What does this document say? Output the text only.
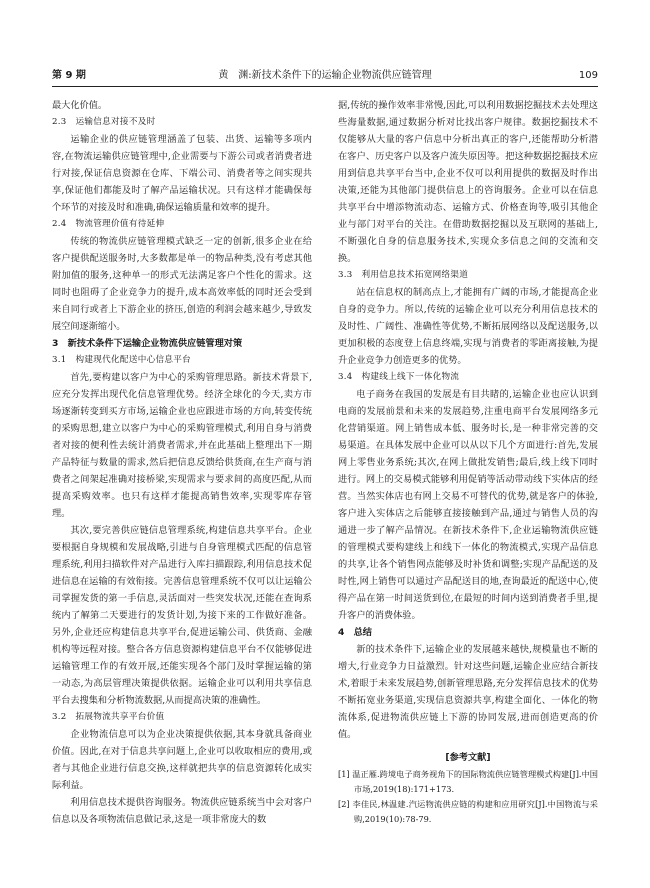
第 9 期	黄　渊:新技术条件下的运输企业物流供应链管理	109

最大化价值。

2.3　运输信息对接不及时

运输企业的供应链管理涵盖了包装、出货、运输等多项内容,在物流运输供应链管理中,企业需要与下游公司或者消费者进行对接,保证信息资源在仓库、下端公司、消费者等之间实现共享,保证他们都能及时了解产品运输状况。只有这样才能确保每个环节的对接及时和准确,确保运输质量和效率的提升。

2.4　物流管理价值有待延伸

传统的物流供应链管理模式缺乏一定的创新,很多企业在给客户提供配送服务时,大多数都是单一的物品种类,没有考虑其他附加值的服务,这种单一的形式无法满足客户个性化的需求。这同时也阻碍了企业竞争力的提升,成本高效率低的同时还会受到来自同行或者上下游企业的挤压,创造的利润会越来越少,导致发展空间逐渐缩小。

3　新技术条件下运输企业物流供应链管理对策
3.1　构建现代化配送中心信息平台

首先,要构建以客户为中心的采购管理思路。新技术背景下,应充分发挥出现代化信息管理优势。经济全球化的今天,卖方市场逐渐转变到买方市场,运输企业也应跟进市场的方向,转变传统的采购思想,建立以客户为中心的采购管理模式,利用自身与消费者对接的便利性去统计消费者需求,并在此基础上整理出下一期产品特征与数量的需求,然后把信息反馈给供货商,在生产商与消费者之间架起准确对接桥梁,实现需求与要求间的高度匹配,从而提高采购效率。也只有这样才能提高销售效率,实现零库存管理。

其次,要完善供应链信息管理系统,构建信息共享平台。企业要根据自身规模和发展战略,引进与自身管理模式匹配的信息管理系统,利用扫描软件对产品进行入库扫描跟踪,利用信息技术促进信息在运输的有效衔接。完善信息管理系统不仅可以让运输公司掌握发货的第一手信息,灵活面对一些突发状况,还能在查询系统内了解第二天要进行的发货计划,为接下来的工作做好准备。另外,企业还应构建信息共享平台,促进运输公司、供货商、金融机构等远程对接。整合各方信息资源构建信息平台不仅能够促进运输管理工作的有效开展,还能实现各个部门及时掌握运输的第一动态,为高层管理决策提供依据。运输企业可以利用共享信息平台去搜集和分析物流数据,从而提高决策的准确性。

3.2　拓展物流共享平台价值

企业物流信息可以为企业决策提供依据,其本身就具备商业价值。因此,在对于信息共享问题上,企业可以收取相应的费用,或者与其他企业进行信息交换,这样就把共享的信息资源转化成实际利益。

利用信息技术提供咨询服务。物流供应链系统当中会对客户信息以及各项物流信息做记录,这是一项非常庞大的数

据,传统的操作效率非常慢,因此,可以利用数据挖掘技术去处理这些海量数据,通过数据分析对比找出客户规律。数据挖掘技术不仅能够从大量的客户信息中分析出真正的客户,还能帮助分析潜在客户、历史客户以及客户流失原因等。把这种数据挖掘技术应用到信息共享平台当中,企业不仅可以利用提供的数据及时作出决策,还能为其他部门提供信息上的咨询服务。企业可以在信息共享平台中增添物流动态、运输方式、价格查询等,吸引其他企业与部门对平台的关注。在借助数据挖掘以及互联网的基础上,不断强化自身的信息服务技术,实现众多信息之间的交流和交换。

3.3　利用信息技术拓宽网络渠道

站在信息权的制高点上,才能拥有广阔的市场,才能提高企业自身的竞争力。所以,传统的运输企业可以充分利用信息技术的及时性、广阔性、准确性等优势,不断拓展网络以及配送服务,以更加积极的态度登上信息终端,实现与消费者的零距离接触,为提升企业竞争力创造更多的优势。

3.4　构建线上线下一体化物流

电子商务在我国的发展是有目共睹的,运输企业也应认识到电商的发展前景和未来的发展趋势,注重电商平台发展网络多元化营销渠道。网上销售成本低、服务时长,是一种非常完善的交易渠道。在具体发展中企业可以从以下几个方面进行:首先,发展网上零售业务系统;其次,在网上做批发销售;最后,线上线下同时进行。网上的交易模式能够利用促销等活动带动线下实体店的经营。当然实体店也有网上交易不可替代的优势,就是客户的体验,客户进入实体店之后能够直接接触到产品,通过与销售人员的沟通进一步了解产品情况。在新技术条件下,企业运输物流供应链的管理模式要构建线上和线下一体化的物流模式,实现产品信息的共享,让各个销售网点能够及时补货和调整;实现产品配送的及时性,网上销售可以通过产品配送目的地,查询最近的配送中心,使得产品在第一时间送货到位,在最短的时间内送到消费者手里,提升客户的消费体验。

4　总结

新的技术条件下,运输企业的发展越来越快,规模量也不断的增大,行业竞争力日益激烈。针对这些问题,运输企业应结合新技术,着眼于未来发展趋势,创新管理思路,充分发挥信息技术的优势不断拓宽业务渠道,实现信息资源共享,构建全面化、一体化的物流体系,促进物流供应链上下游的协同发展,进而创造更高的价值。

[参考文献]
[1] 温正雁.跨境电子商务视角下的国际物流供应链管理模式构建[J].中国市场,2019(18):171+173.
[2] 李佳民,林温建.汽运物流供应链的构建和应用研究[J].中国物流与采购,2019(10):78-79.
